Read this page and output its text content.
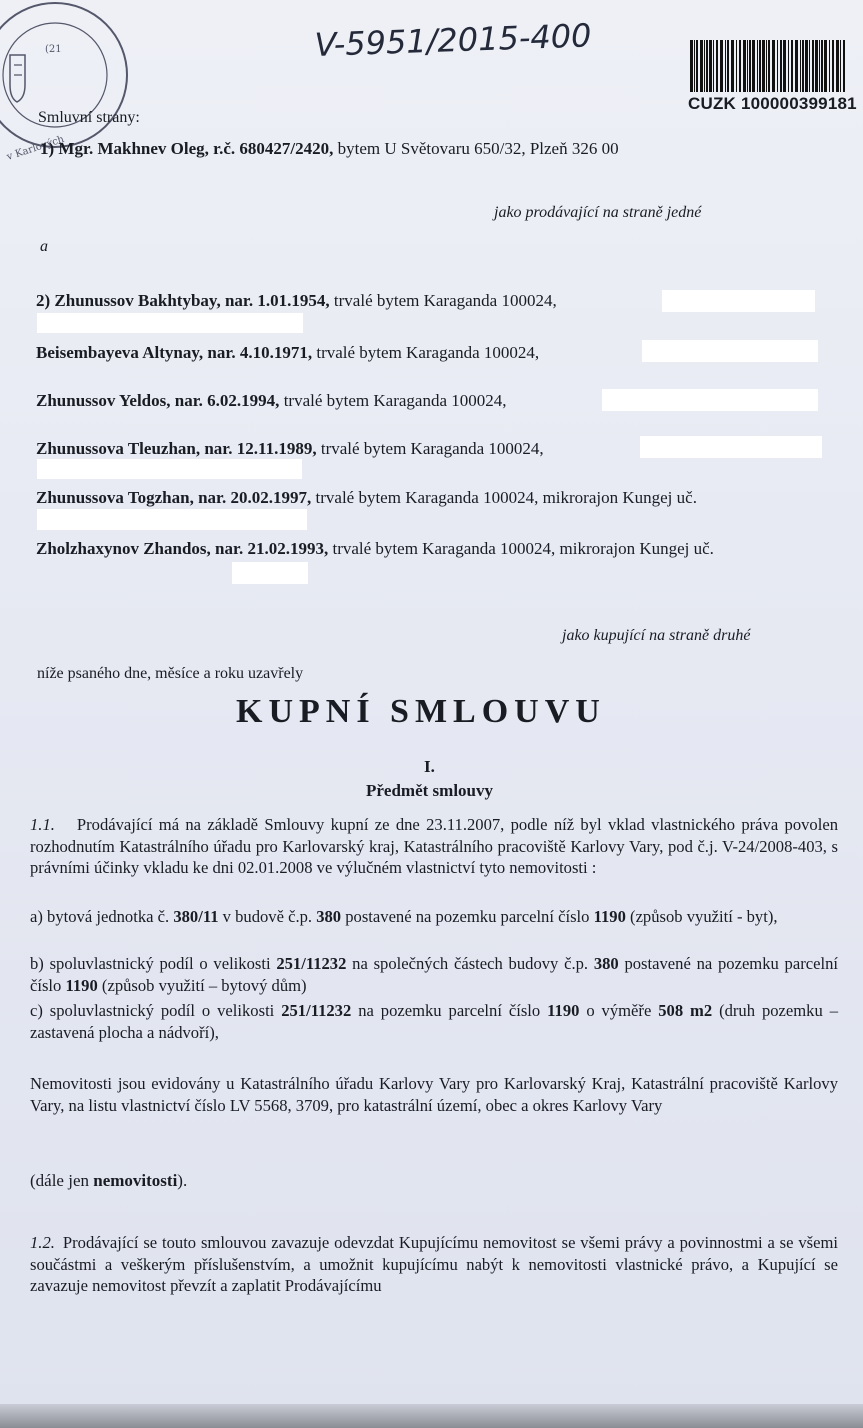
(21
v Karlových
V-5951/2015-400
CUZK 100000399181
Smluvní strany:
1) Mgr. Makhnev Oleg, r.č. 680427/2420, bytem U Světovaru 650/32, Plzeň 326 00
jako prodávající na straně jedné
a
2) Zhunussov Bakhtybay, nar. 1.01.1954, trvalé bytem Karaganda 100024,
Beisembayeva Altynay, nar. 4.10.1971, trvalé bytem Karaganda 100024,
Zhunussov Yeldos, nar. 6.02.1994, trvalé bytem Karaganda 100024,
Zhunussova Tleuzhan, nar. 12.11.1989, trvalé bytem Karaganda 100024,
Zhunussova Togzhan, nar. 20.02.1997, trvalé bytem Karaganda 100024, mikrorajon Kungej uč.
Zholzhaxynov Zhandos, nar. 21.02.1993, trvalé bytem Karaganda 100024, mikrorajon Kungej uč.
jako kupující na straně druhé
níže psaného dne, měsíce a roku uzavřely
KUPNÍ SMLOUVU
I.
Předmět smlouvy
1.1. Prodávající má na základě Smlouvy kupní ze dne 23.11.2007, podle níž byl vklad vlastnického práva povolen rozhodnutím Katastrálního úřadu pro Karlovarský kraj, Katastrálního pracoviště Karlovy Vary, pod č.j. V-24/2008-403, s právními účinky vkladu ke dni 02.01.2008 ve výlučném vlastnictví tyto nemovitosti :
a) bytová jednotka č. 380/11 v budově č.p. 380 postavené na pozemku parcelní číslo 1190 (způsob využití - byt),
b) spoluvlastnický podíl o velikosti 251/11232 na společných částech budovy č.p. 380 postavené na pozemku parcelní číslo 1190 (způsob využití – bytový dům)
c) spoluvlastnický podíl o velikosti 251/11232 na pozemku parcelní číslo 1190 o výměře 508 m2 (druh pozemku – zastavená plocha a nádvoří),
Nemovitosti jsou evidovány u Katastrálního úřadu Karlovy Vary pro Karlovarský Kraj, Katastrální pracoviště Karlovy Vary, na listu vlastnictví číslo LV 5568, 3709, pro katastrální území, obec a okres Karlovy Vary
(dále jen nemovitosti).
1.2. Prodávající se touto smlouvou zavazuje odevzdat Kupujícímu nemovitost se všemi právy a povinnostmi a se všemi součástmi a veškerým příslušenstvím, a umožnit kupujícímu nabýt k nemovitosti vlastnické právo, a Kupující se zavazuje nemovitost převzít a zaplatit Prodávajícímu
